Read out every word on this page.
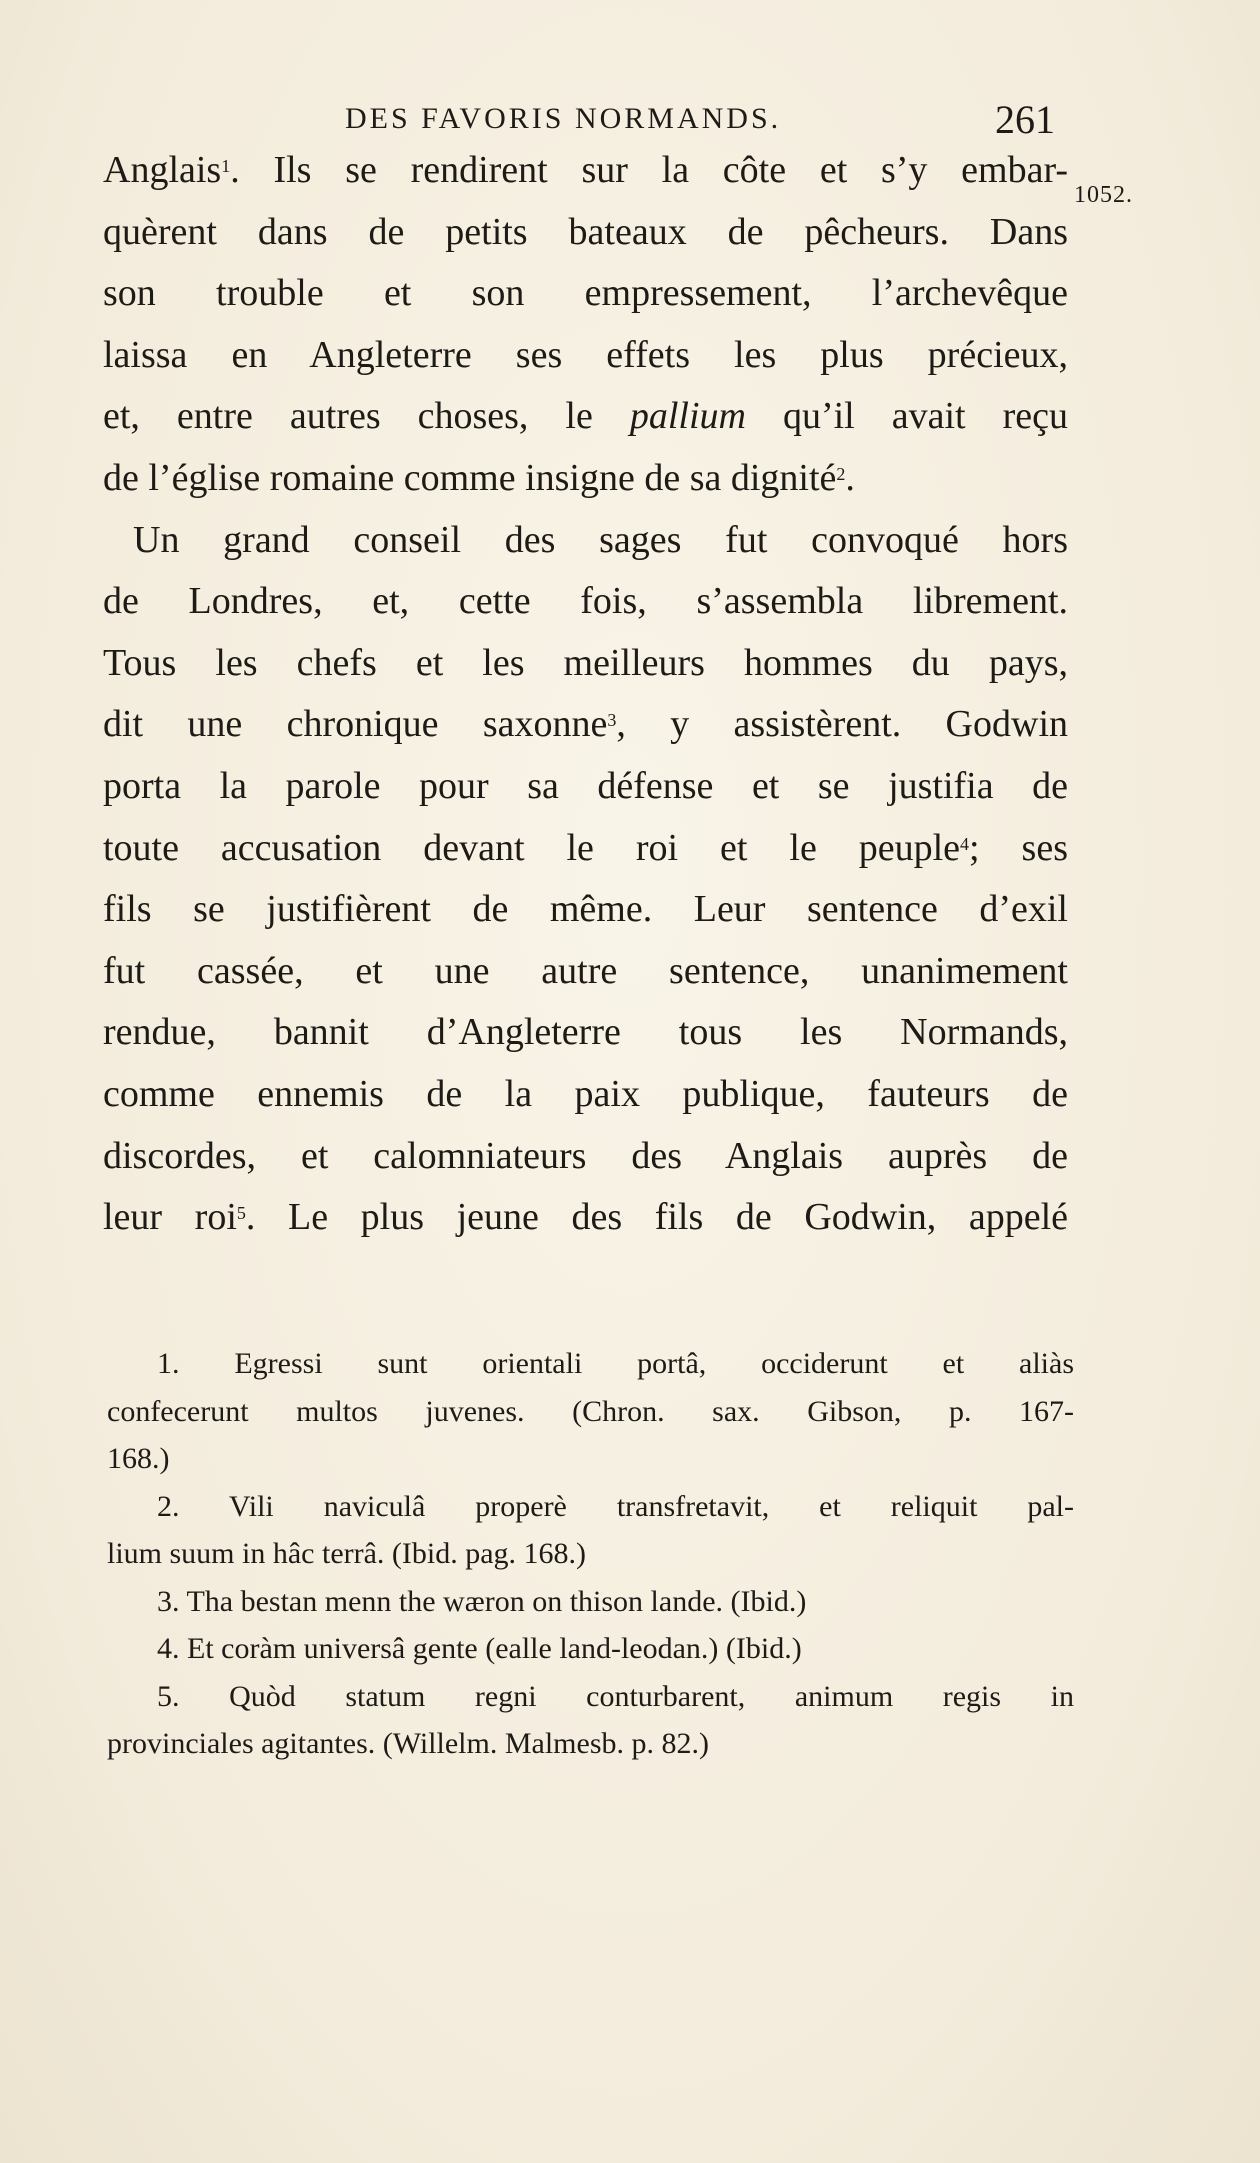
DES FAVORIS NORMANDS.	261
1052.
Anglais$^1$. Ils se rendirent sur la côte et s’y embar-
quèrent dans de petits bateaux de pêcheurs. Dans
son trouble et son empressement, l’archevêque
laissa en Angleterre ses effets les plus précieux,
et, entre autres choses, le pallium qu’il avait reçu
de l’église romaine comme insigne de sa dignité$^2$.
Un grand conseil des sages fut convoqué hors
de Londres, et, cette fois, s’assembla librement.
Tous les chefs et les meilleurs hommes du pays,
dit une chronique saxonne$^3$, y assistèrent. Godwin
porta la parole pour sa défense et se justifia de
toute accusation devant le roi et le peuple$^4$; ses
fils se justifièrent de même. Leur sentence d’exil
fut cassée, et une autre sentence, unanimement
rendue, bannit d’Angleterre tous les Normands,
comme ennemis de la paix publique, fauteurs de
discordes, et calomniateurs des Anglais auprès de
leur roi$^5$. Le plus jeune des fils de Godwin, appelé
1. Egressi sunt orientali portâ, occiderunt et aliàs
confecerunt multos juvenes. (Chron. sax. Gibson, p. 167-
168.)
2. Vili naviculâ properè transfretavit, et reliquit pal-
lium suum in hâc terrâ. (Ibid. pag. 168.)
3. Tha bestan menn the wæron on thison lande. (Ibid.)
4. Et coràm universâ gente (ealle land-leodan.) (Ibid.)
5. Quòd statum regni conturbarent, animum regis in
provinciales agitantes. (Willelm. Malmesb. p. 82.)
